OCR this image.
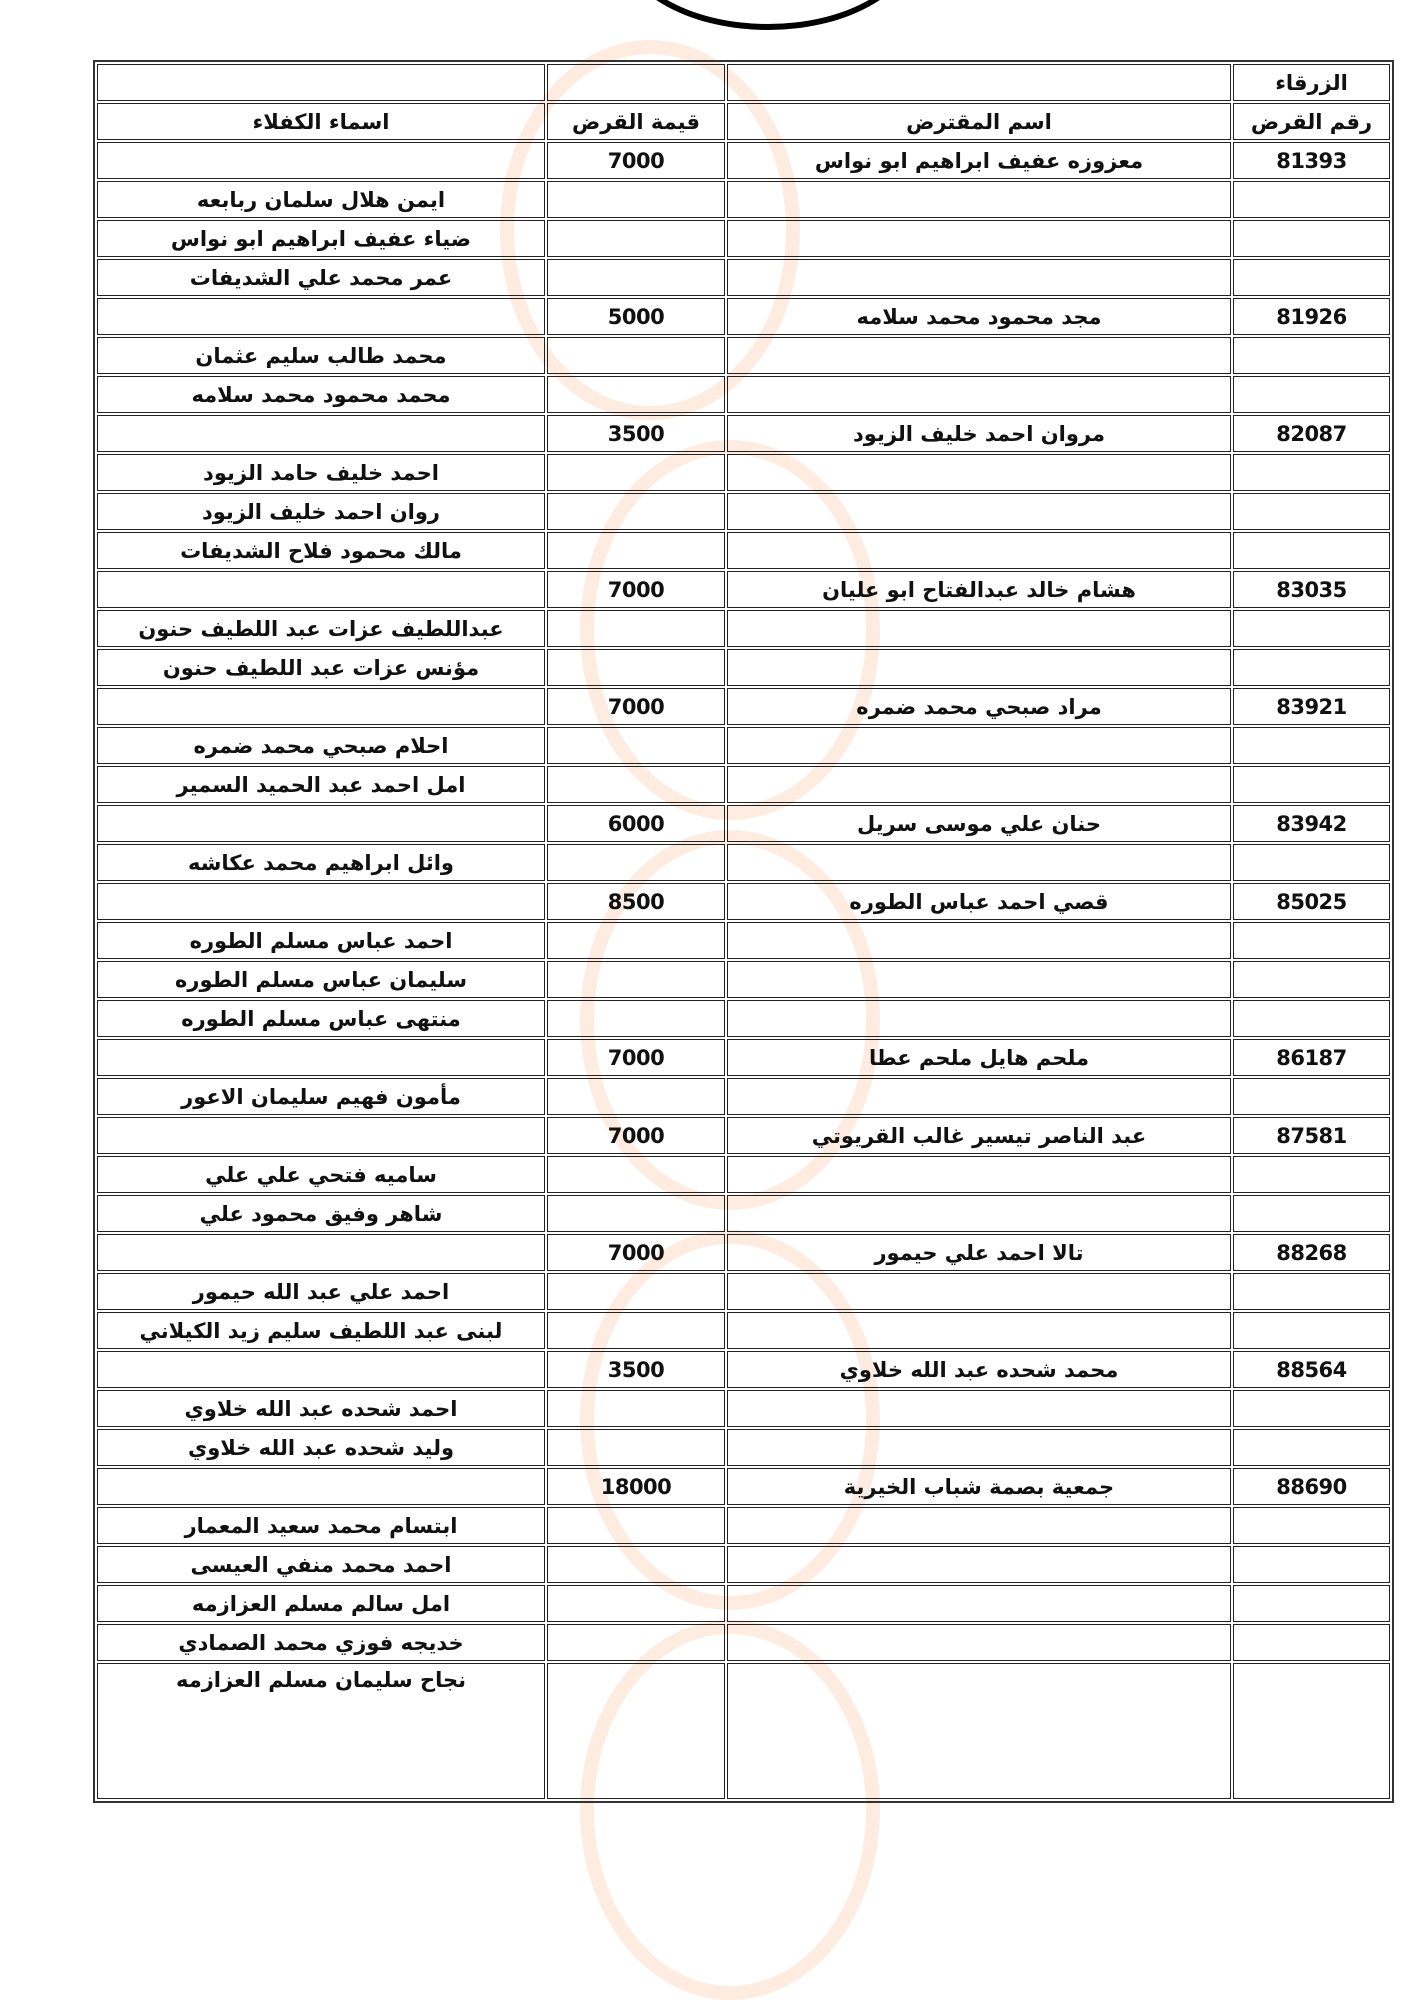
			الزرقاء
اسماء الكفلاء	قيمة القرض	اسم المقترض	رقم القرض
	7000	معزوزه عفيف ابراهيم ابو نواس	81393
ايمن هلال سلمان ربابعه			
ضياء عفيف ابراهيم ابو نواس			
عمر محمد علي الشديفات			
	5000	مجد محمود محمد سلامه	81926
محمد طالب سليم عثمان			
محمد محمود محمد سلامه			
	3500	مروان احمد خليف الزيود	82087
احمد خليف حامد الزيود			
روان احمد خليف الزيود			
مالك محمود فلاح الشديفات			
	7000	هشام خالد عبدالفتاح ابو عليان	83035
عبداللطيف عزات عبد اللطيف حنون			
مؤنس عزات عبد اللطيف حنون			
	7000	مراد صبحي محمد ضمره	83921
احلام صبحي محمد ضمره			
امل احمد عبد الحميد السمير			
	6000	حنان علي موسى سريل	83942
وائل ابراهيم محمد عكاشه			
	8500	قصي احمد عباس الطوره	85025
احمد عباس مسلم الطوره			
سليمان عباس مسلم الطوره			
منتهى عباس مسلم الطوره			
	7000	ملحم هايل ملحم عطا	86187
مأمون فهيم سليمان الاعور			
	7000	عبد الناصر تيسير غالب القريوتي	87581
ساميه فتحي علي علي			
شاهر وفيق محمود علي			
	7000	تالا احمد علي حيمور	88268
احمد علي عبد الله حيمور			
لبنى عبد اللطيف سليم زيد الكيلاني			
	3500	محمد شحده عبد الله خلاوي	88564
احمد شحده عبد الله خلاوي			
وليد شحده عبد الله خلاوي			
	18000	جمعية بصمة شباب الخيرية	88690
ابتسام محمد سعيد المعمار			
احمد محمد منفي العيسى			
امل سالم مسلم العزازمه			
خديجه فوزي محمد الصمادي			
نجاح سليمان مسلم العزازمه			
